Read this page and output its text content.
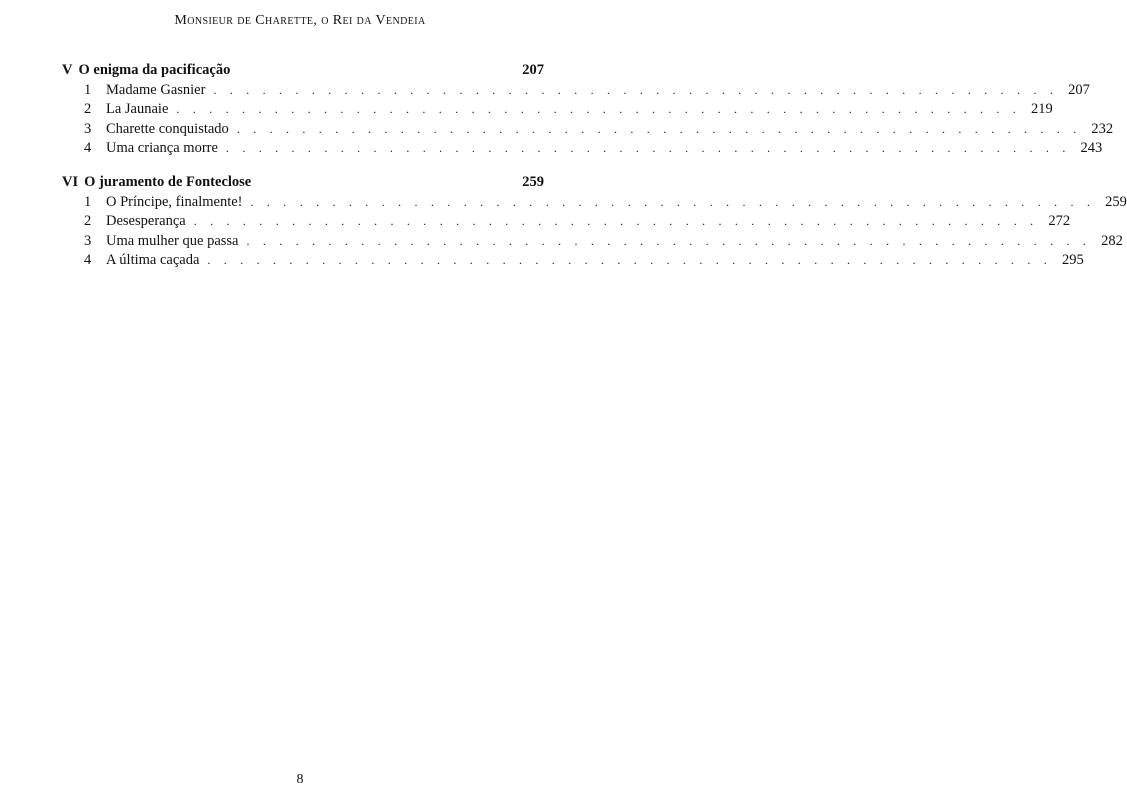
Monsieur de Charette, o Rei da Vendeia
V O enigma da pacificação	207
1	Madame Gasnier . . . . . . . . . . . . . . . . . . . . . . . . . . . . . . . . . . . . . . . . . . . . . . . . . . . . 207
2	La Jaunaie . . . . . . . . . . . . . . . . . . . . . . . . . . . . . . . . . . . . . . . . . . . . . . . . . . . . 219
3	Charette conquistado . . . . . . . . . . . . . . . . . . . . . . . . . . . . . . . . . . . . . . . . . . . . . . . . . . . . 232
4	Uma criança morre . . . . . . . . . . . . . . . . . . . . . . . . . . . . . . . . . . . . . . . . . . . . . . . . . . . . 243
VI O juramento de Fonteclose	259
1	O Príncipe, finalmente! . . . . . . . . . . . . . . . . . . . . . . . . . . . . . . . . . . . . . . . . . . . . . . . . . . . . 259
2	Desesperança . . . . . . . . . . . . . . . . . . . . . . . . . . . . . . . . . . . . . . . . . . . . . . . . . . . . 272
3	Uma mulher que passa . . . . . . . . . . . . . . . . . . . . . . . . . . . . . . . . . . . . . . . . . . . . . . . . . . . . 282
4	A última caçada . . . . . . . . . . . . . . . . . . . . . . . . . . . . . . . . . . . . . . . . . . . . . . . . . . . . 295
8
